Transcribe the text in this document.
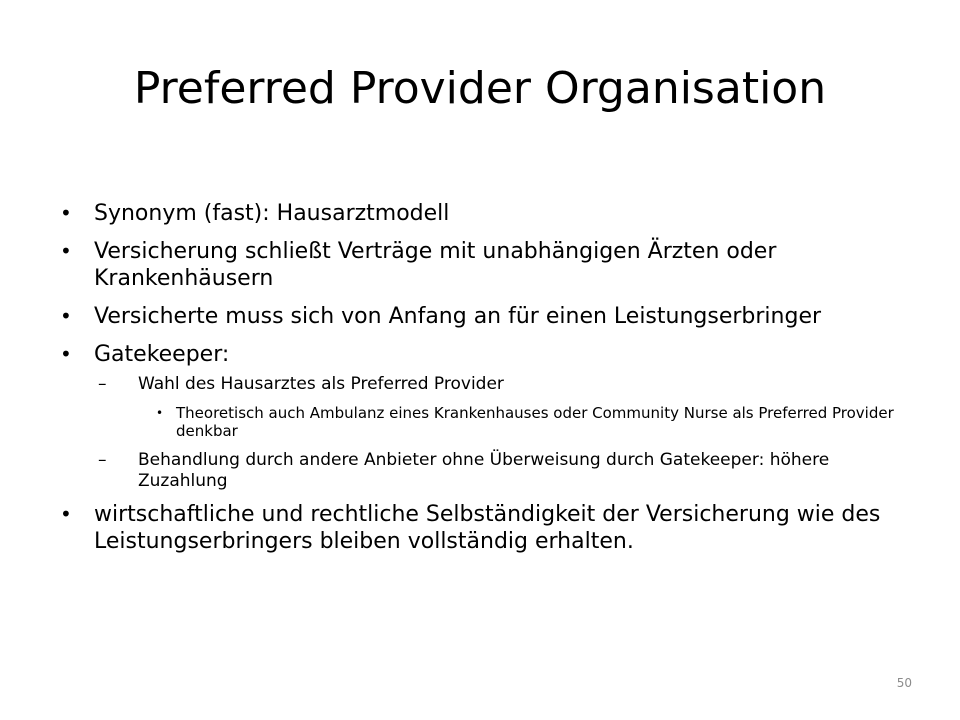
Preferred Provider Organisation
• Synonym (fast): Hausarztmodell
• Versicherung schließt Verträge mit unabhängigen Ärzten oder Krankenhäusern
• Versicherte muss sich von Anfang an für einen Leistungserbringer
• Gatekeeper:
– Wahl des Hausarztes als Preferred Provider
• Theoretisch auch Ambulanz eines Krankenhauses oder Community Nurse als Preferred Provider denkbar
– Behandlung durch andere Anbieter ohne Überweisung durch Gatekeeper: höhere Zuzahlung
• wirtschaftliche und rechtliche Selbständigkeit der Versicherung wie des Leistungserbringers bleiben vollständig erhalten.
50
